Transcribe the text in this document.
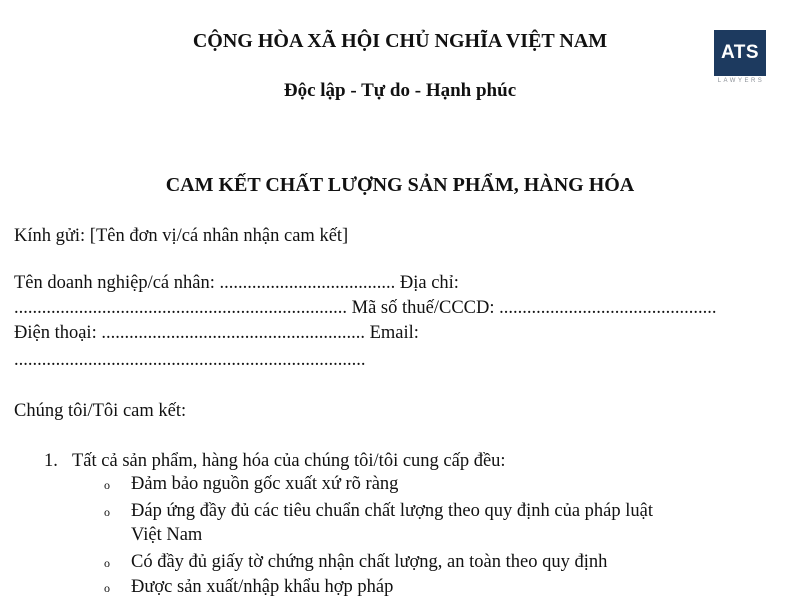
CỘNG HÒA XÃ HỘI CHỦ NGHĨA VIỆT NAM
Độc lập - Tự do - Hạnh phúc
ATS
LAWYERS
CAM KẾT CHẤT LƯỢNG SẢN PHẨM, HÀNG HÓA
Kính gửi: [Tên đơn vị/cá nhân nhận cam kết]
Tên doanh nghiệp/cá nhân: ...................................... Địa chỉ:
........................................................................ Mã số thuế/CCCD: ...............................................
Điện thoại: ......................................................... Email:
............................................................................
Chúng tôi/Tôi cam kết:
1. Tất cả sản phẩm, hàng hóa của chúng tôi/tôi cung cấp đều:
o Đảm bảo nguồn gốc xuất xứ rõ ràng
o Đáp ứng đầy đủ các tiêu chuẩn chất lượng theo quy định của pháp luật
Việt Nam
o Có đầy đủ giấy tờ chứng nhận chất lượng, an toàn theo quy định
o Được sản xuất/nhập khẩu hợp pháp
